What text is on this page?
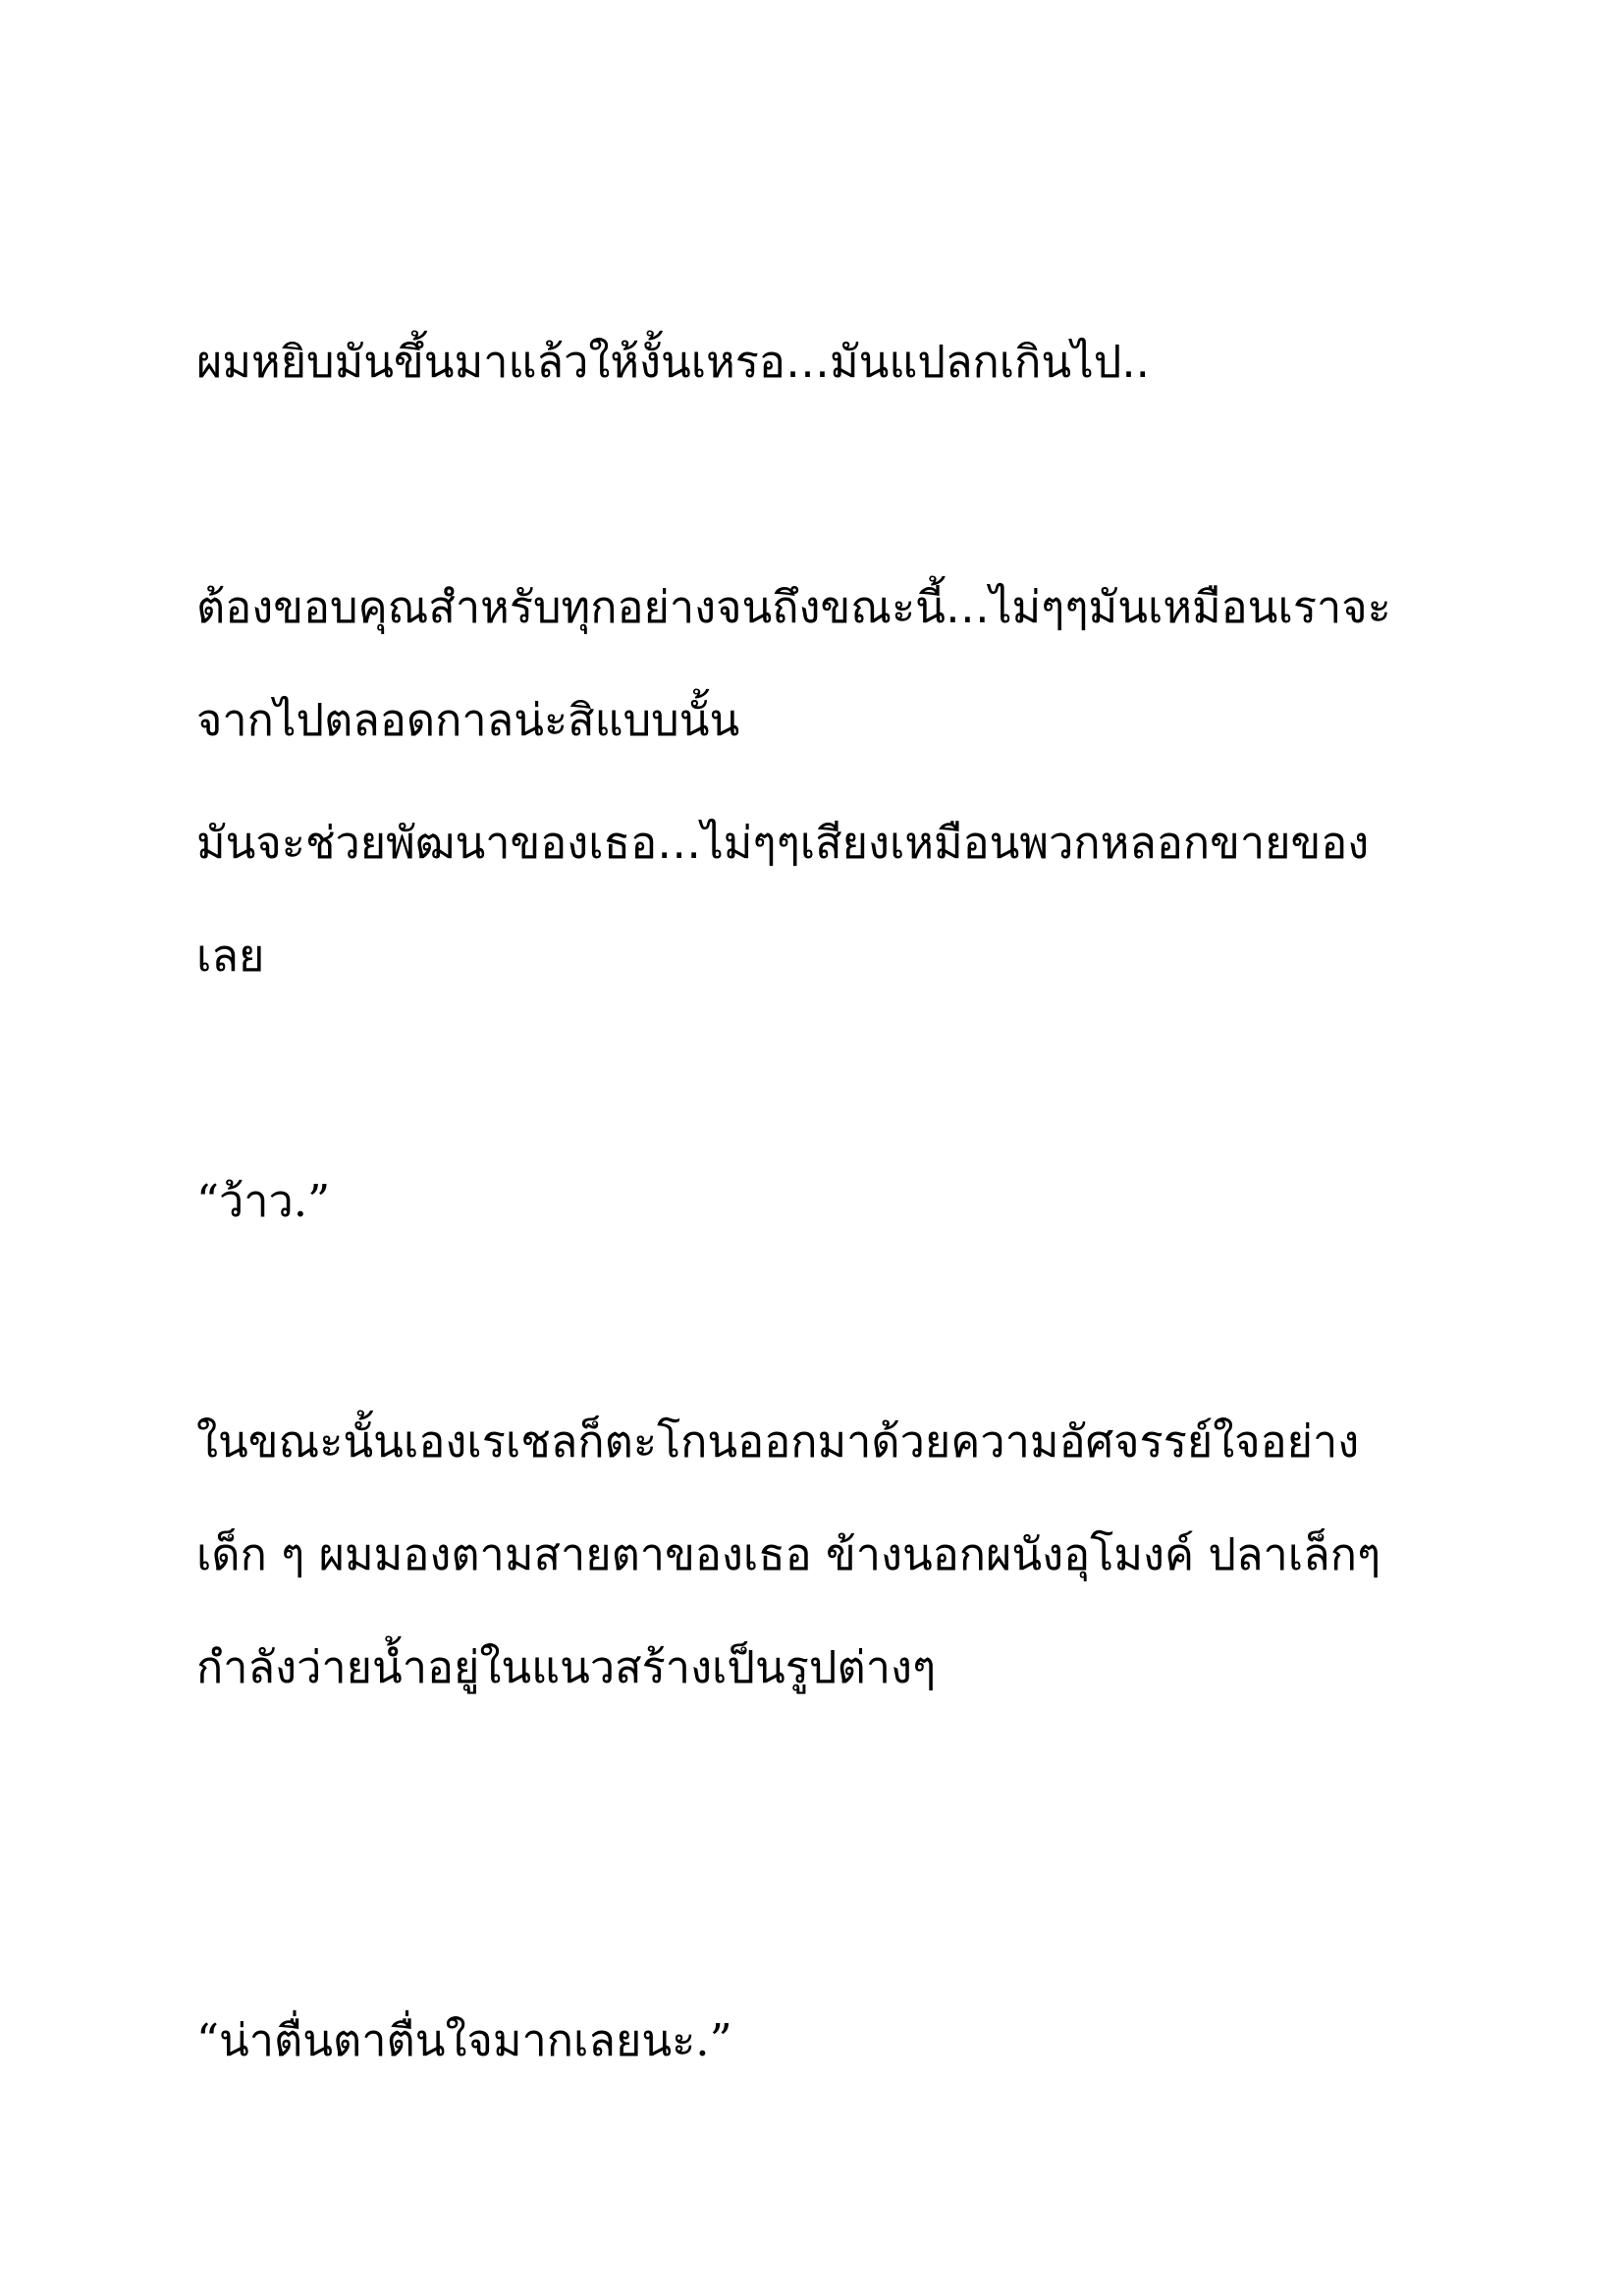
ผมหยิบมันขึ้นมาแล้วให้งั้นเหรอ…มันแปลกเกินไป..
ต้องขอบคุณสำหรับทุกอย่างจนถึงขณะนี้…ไม่ๆๆมันเหมือนเราจะ
จากไปตลอดกาลน่ะสิแบบนั้น
มันจะช่วยพัฒนาของเธอ…ไม่ๆๆเสียงเหมือนพวกหลอกขายของ
เลย
“ว้าว.”
ในขณะนั้นเองเรเชลก็ตะโกนออกมาด้วยความอัศจรรย์ใจอย่าง
เด็ก ๆ ผมมองตามสายตาของเธอ ข้างนอกผนังอุโมงค์ ปลาเล็กๆ
กำลังว่ายน้ำอยู่ในแนวสร้างเป็นรูปต่างๆ
“น่าตื่นตาตื่นใจมากเลยนะ.”
